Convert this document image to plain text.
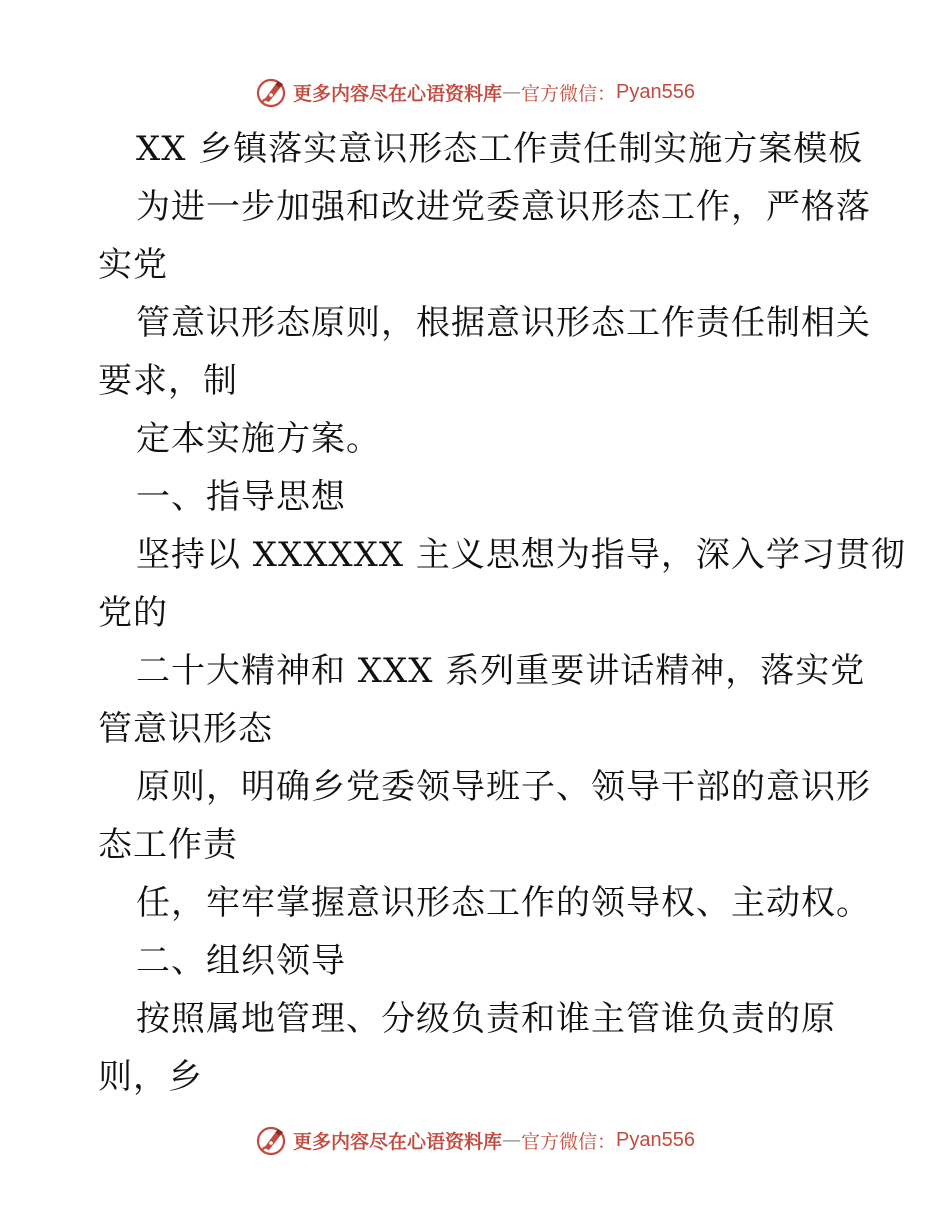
更多内容尽在心语资料库 — 官方微信： Pyan556
XX 乡镇落实意识形态工作责任制实施方案模板
为进一步加强和改进党委意识形态工作，严格落
实党
管意识形态原则，根据意识形态工作责任制相关
要求，制
定本实施方案。
一、指导思想
坚持以 XXXXXX 主义思想为指导，深入学习贯彻
党的
二十大精神和 XXX 系列重要讲话精神，落实党
管意识形态
原则，明确乡党委领导班子、领导干部的意识形
态工作责
任，牢牢掌握意识形态工作的领导权、主动权。
二、组织领导
按照属地管理、分级负责和谁主管谁负责的原
则，乡
更多内容尽在心语资料库 — 官方微信： Pyan556
